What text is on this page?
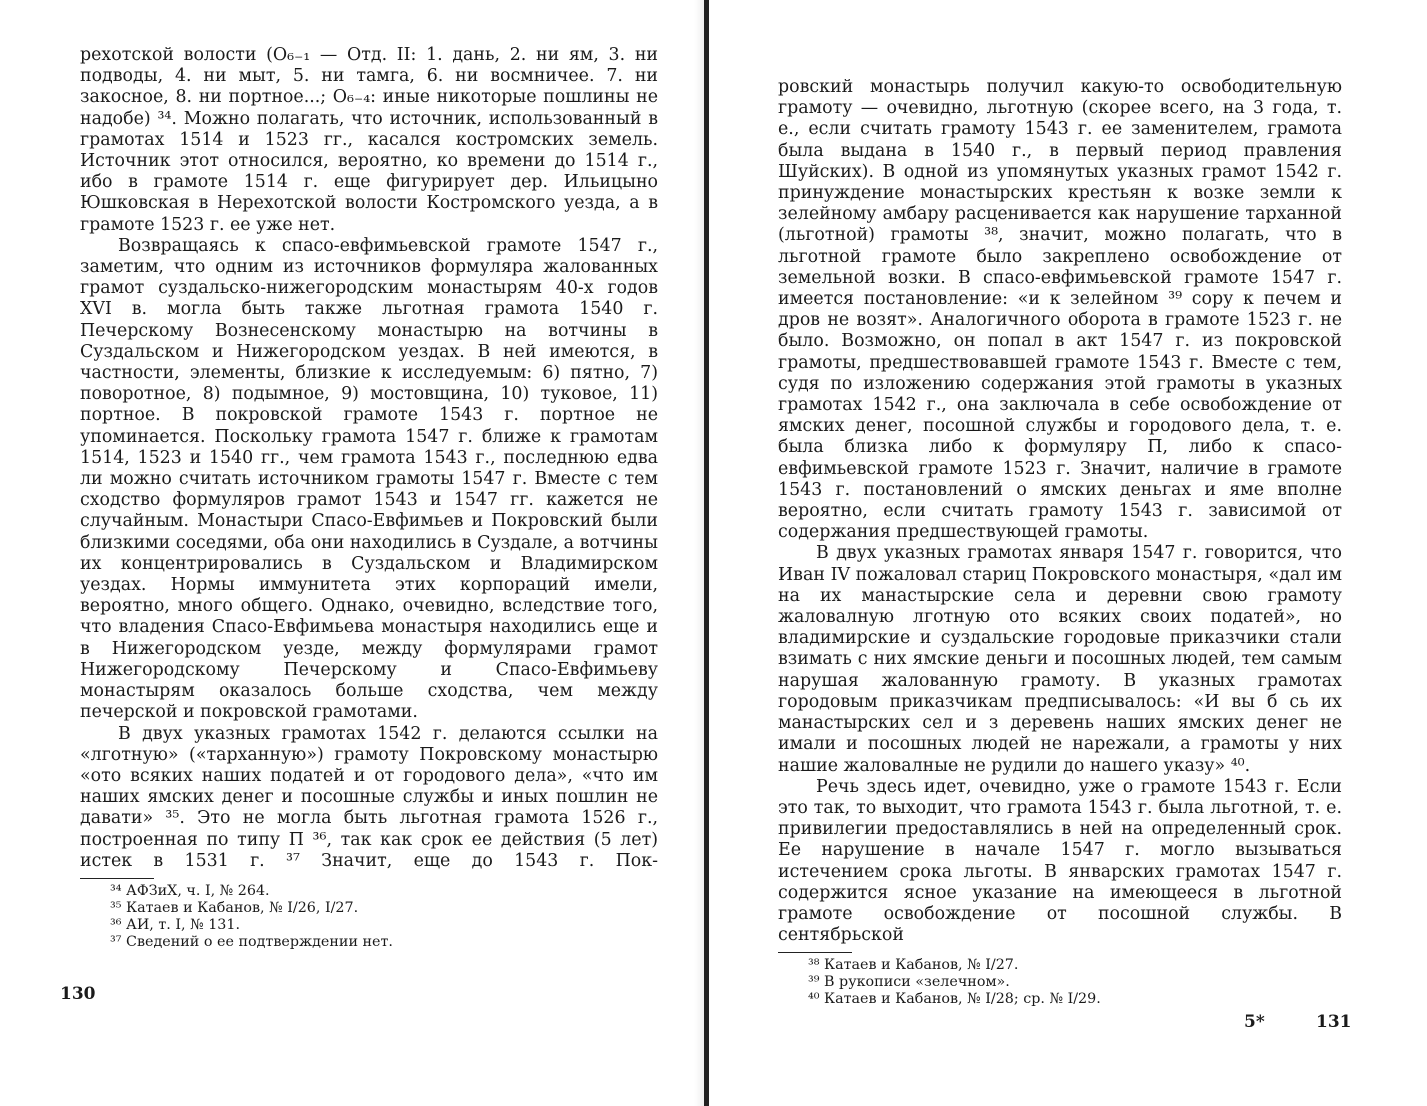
рехотской волости (О₆₋₁ — Отд. II: 1. дань, 2. ни ям, 3. ни подводы, 4. ни мыт, 5. ни тамга, 6. ни восмничее. 7. ни закосное, 8. ни портное...; О₆₋₄: иные никоторые пошлины не надобе) ³⁴. Можно полагать, что источник, использованный в грамотах 1514 и 1523 гг., касался костромских земель. Источник этот относился, вероятно, ко времени до 1514 г., ибо в грамоте 1514 г. еще фигурирует дер. Ильицыно Юшковская в Нерехотской волости Костромского уезда, а в грамоте 1523 г. ее уже нет.

Возвращаясь к спасо-евфимьевской грамоте 1547 г., заметим, что одним из источников формуляра жалованных грамот суздальско-нижегородским монастырям 40-х годов XVI в. могла быть также льготная грамота 1540 г. Печерскому Вознесенскому монастырю на вотчины в Суздальском и Нижегородском уездах. В ней имеются, в частности, элементы, близкие к исследуемым: 6) пятно, 7) поворотное, 8) подымное, 9) мостовщина, 10) туковое, 11) портное. В покровской грамоте 1543 г. портное не упоминается. Поскольку грамота 1547 г. ближе к грамотам 1514, 1523 и 1540 гг., чем грамота 1543 г., последнюю едва ли можно считать источником грамоты 1547 г. Вместе с тем сходство формуляров грамот 1543 и 1547 гг. кажется не случайным. Монастыри Спасо-Евфимьев и Покровский были близкими соседями, оба они находились в Суздале, а вотчины их концентрировались в Суздальском и Владимирском уездах. Нормы иммунитета этих корпораций имели, вероятно, много общего. Однако, очевидно, вследствие того, что владения Спасо-Евфимьева монастыря находились еще и в Нижегородском уезде, между формулярами грамот Нижегородскому Печерскому и Спасо-Евфимьеву монастырям оказалось больше сходства, чем между печерской и покровской грамотами.

В двух указных грамотах 1542 г. делаются ссылки на «лготную» («тарханную») грамоту Покровскому монастырю «ото всяких наших податей и от городового дела», «что им наших ямских денег и посошные службы и иных пошлин не давати» ³⁵. Это не могла быть льготная грамота 1526 г., построенная по типу П ³⁶, так как срок ее действия (5 лет) истек в 1531 г. ³⁷ Значит, еще до 1543 г. Пок-

³⁴ АФЗиХ, ч. I, № 264.

³⁵ Катаев и Кабанов, № I/26, I/27.

³⁶ АИ, т. I, № 131.

³⁷ Сведений о ее подтверждении нет.

130

ровский монастырь получил какую-то освободительную грамоту — очевидно, льготную (скорее всего, на 3 года, т. е., если считать грамоту 1543 г. ее заменителем, грамота была выдана в 1540 г., в первый период правления Шуйских). В одной из упомянутых указных грамот 1542 г. принуждение монастырских крестьян к возке земли к зелейному амбару расценивается как нарушение тарханной (льготной) грамоты ³⁸, значит, можно полагать, что в льготной грамоте было закреплено освобождение от земельной возки. В спасо-евфимьевской грамоте 1547 г. имеется постановление: «и к зелейном ³⁹ сору к печем и дров не возят». Аналогичного оборота в грамоте 1523 г. не было. Возможно, он попал в акт 1547 г. из покровской грамоты, предшествовавшей грамоте 1543 г. Вместе с тем, судя по изложению содержания этой грамоты в указных грамотах 1542 г., она заключала в себе освобождение от ямских денег, посошной службы и городового дела, т. е. была близка либо к формуляру П, либо к спасо-евфимьевской грамоте 1523 г. Значит, наличие в грамоте 1543 г. постановлений о ямских деньгах и яме вполне вероятно, если считать грамоту 1543 г. зависимой от содержания предшествующей грамоты.

В двух указных грамотах января 1547 г. говорится, что Иван IV пожаловал стариц Покровского монастыря, «дал им на их манастырские села и деревни свою грамоту жаловалную лготную ото всяких своих податей», но владимирские и суздальские городовые приказчики стали взимать с них ямские деньги и посошных людей, тем самым нарушая жалованную грамоту. В указных грамотах городовым приказчикам предписывалось: «И вы б сь их манастырских сел и з деревень наших ямских денег не имали и посошных людей не нарежали, а грамоты у них нашие жаловалные не рудили до нашего указу» ⁴⁰.

Речь здесь идет, очевидно, уже о грамоте 1543 г. Если это так, то выходит, что грамота 1543 г. была льготной, т. е. привилегии предоставлялись в ней на определенный срок. Ее нарушение в начале 1547 г. могло вызываться истечением срока льготы. В январских грамотах 1547 г. содержится ясное указание на имеющееся в льготной грамоте освобождение от посошной службы. В сентябрьской

³⁸ Катаев и Кабанов, № I/27.

³⁹ В рукописи «зелечном».

⁴⁰ Катаев и Кабанов, № I/28; ср. № I/29.

5*	131
